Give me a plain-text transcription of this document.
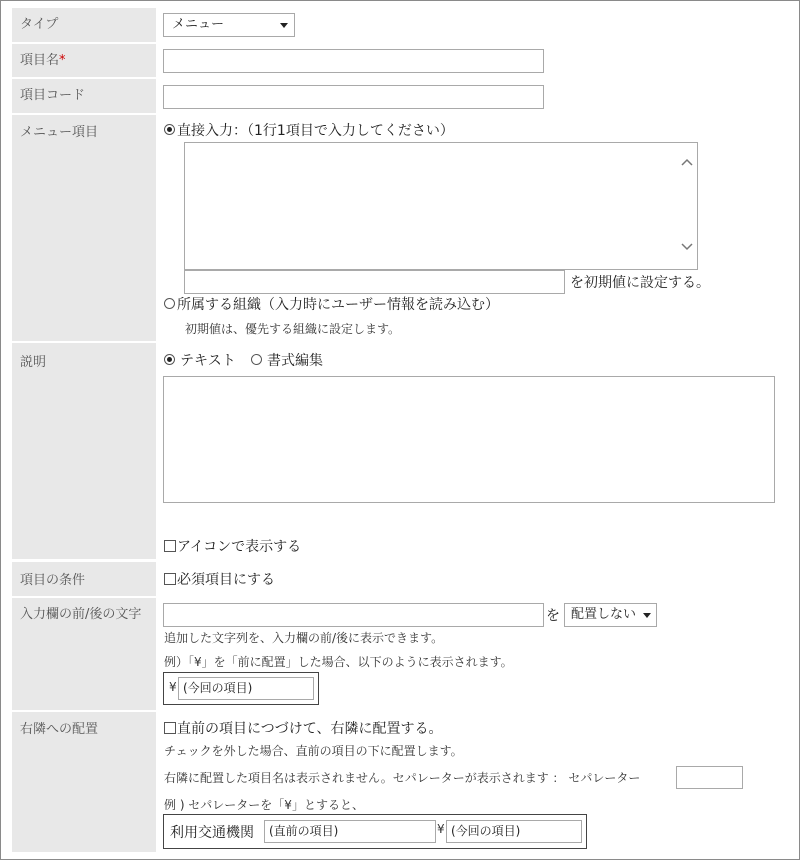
タイプ	メニュー
項目名*
項目コード
メニュー項目	直接入力：（1行1項目で入力してください）
を初期値に設定する。
所属する組織（入力時にユーザー情報を読み込む）
初期値は、優先する組織に設定します。
説明	テキスト 書式編集
アイコンで表示する
項目の条件	必須項目にする
入力欄の前/後の文字	を 配置しない
追加した文字列を、入力欄の前/後に表示できます。
例）「¥」を「前に配置」した場合、以下のように表示されます。
¥ (今回の項目)
右隣への配置	直前の項目につづけて、右隣に配置する。
チェックを外した場合、直前の項目の下に配置します。
右隣に配置した項目名は表示されません。セパレーターが表示されます ： セパレーター
例 ) セパレーターを「¥」とすると、
利用交通機関	(直前の項目)	¥ (今回の項目)
